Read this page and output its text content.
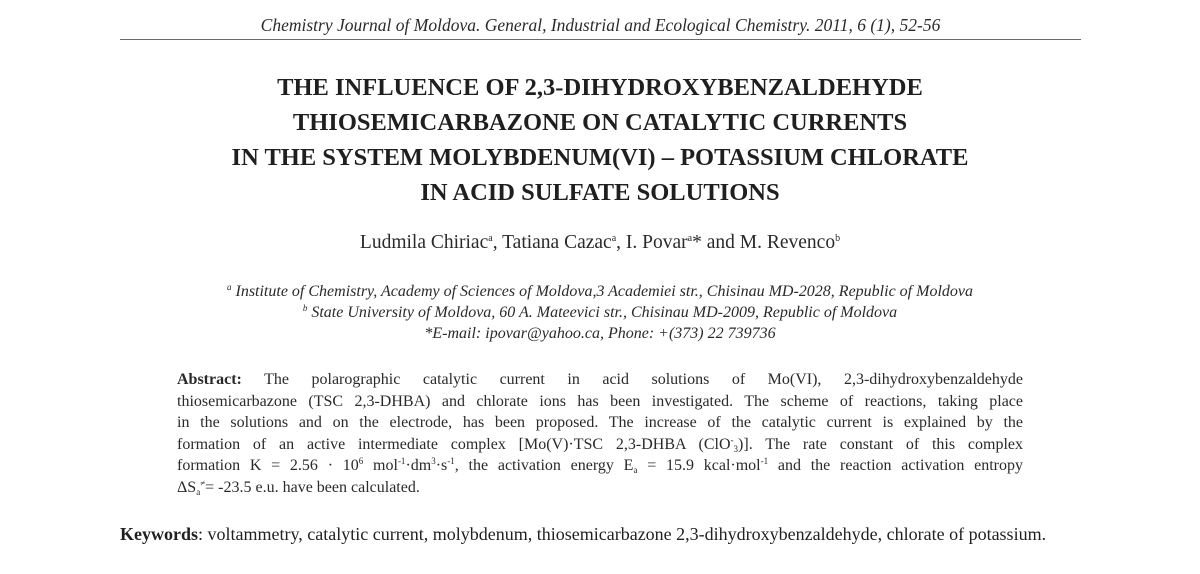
Chemistry Journal of Moldova. General, Industrial and Ecological Chemistry. 2011, 6 (1), 52-56
THE INFLUENCE OF 2,3-DIHYDROXYBENZALDEHYDE
THIOSEMICARBAZONE ON CATALYTIC CURRENTS
IN THE SYSTEM MOLYBDENUM(VI) – POTASSIUM CHLORATE
IN ACID SULFATE SOLUTIONS
Ludmila Chiriac$^a$, Tatiana Cazac$^a$, I. Povar$^a$* and M. Revenco$^b$
$^a$ Institute of Chemistry, Academy of Sciences of Moldova,3 Academiei str., Chisinau MD-2028, Republic of Moldova
$^b$ State University of Moldova, 60 A. Mateevici str., Chisinau MD-2009, Republic of Moldova
*E-mail: ipovar@yahoo.ca, Phone: +(373) 22 739736
Abstract: The polarographic catalytic current in acid solutions of Mo(VI), 2,3-dihydroxybenzaldehyde
thiosemicarbazone (TSC 2,3-DHBA) and chlorate ions has been investigated. The scheme of reactions, taking place
in the solutions and on the electrode, has been proposed. The increase of the catalytic current is explained by the
formation of an active intermediate complex [Mo(V)·TSC 2,3-DHBA (ClO-$_3$)]. The rate constant of this complex
formation $K = 2.56 \cdot 10^6$ $mol^{-1}\cdot dm^3\cdot s^{-1}$, the activation energy $E_a = 15.9$ kcal·mol$^{-1}$ and the reaction activation entropy
$\Delta S_a^\ne= -23.5$ e.u. have been calculated.
Keywords: voltammetry, catalytic current, molybdenum, thiosemicarbazone 2,3-dihydroxybenzaldehyde, chlorate of potassium.
